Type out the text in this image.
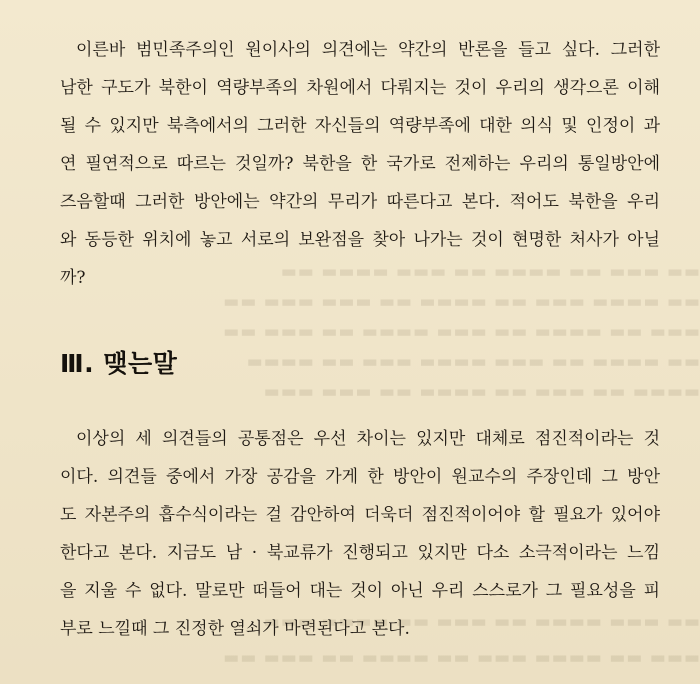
▬▬ ▬▬▬ ▬▬ ▬▬▬▬ ▬▬ ▬▬▬ ▬▬▬▬ ▬▬
▬▬ ▬▬▬▬ ▬▬▬ ▬▬ ▬▬▬▬ ▬▬ ▬▬▬ ▬▬▬ ▬▬
▬▬▬ ▬▬ ▬▬▬▬ ▬▬ ▬▬▬ ▬▬▬▬ ▬▬ ▬▬▬ ▬▬
▬▬ ▬▬▬▬ ▬▬ ▬▬▬ ▬▬▬▬ ▬▬▬ ▬▬ ▬▬▬▬
▬▬▬▬ ▬▬ ▬▬▬ ▬▬ ▬▬▬▬ ▬▬ ▬▬▬ ▬▬▬
▬▬ ▬▬▬ ▬▬▬▬ ▬▬ ▬▬▬ ▬▬ ▬▬▬▬ ▬▬▬
▬▬▬ ▬▬ ▬▬▬▬ ▬▬▬ ▬▬ ▬▬▬▬ ▬▬ ▬▬▬ ▬▬
이른바 범민족주의인 원이사의 의견에는 약간의 반론을 들고 싶다. 그러한
남한 구도가 북한이 역량부족의 차원에서 다뤄지는 것이 우리의 생각으론 이해
될 수 있지만 북측에서의 그러한 자신들의 역량부족에 대한 의식 및 인정이 과
연 필연적으로 따르는 것일까? 북한을 한 국가로 전제하는 우리의 통일방안에
즈음할때 그러한 방안에는 약간의 무리가 따른다고 본다. 적어도 북한을 우리
와 동등한 위치에 놓고 서로의 보완점을 찾아 나가는 것이 현명한 처사가 아닐
까?
Ⅲ. 맺는말
이상의 세 의견들의 공통점은 우선 차이는 있지만 대체로 점진적이라는 것
이다. 의견들 중에서 가장 공감을 가게 한 방안이 원교수의 주장인데 그 방안
도 자본주의 흡수식이라는 걸 감안하여 더욱더 점진적이어야 할 필요가 있어야
한다고 본다. 지금도 남 · 북교류가 진행되고 있지만 다소 소극적이라는 느낌
을 지울 수 없다. 말로만 떠들어 대는 것이 아닌 우리 스스로가 그 필요성을 피
부로 느낄때 그 진정한 열쇠가 마련된다고 본다.
